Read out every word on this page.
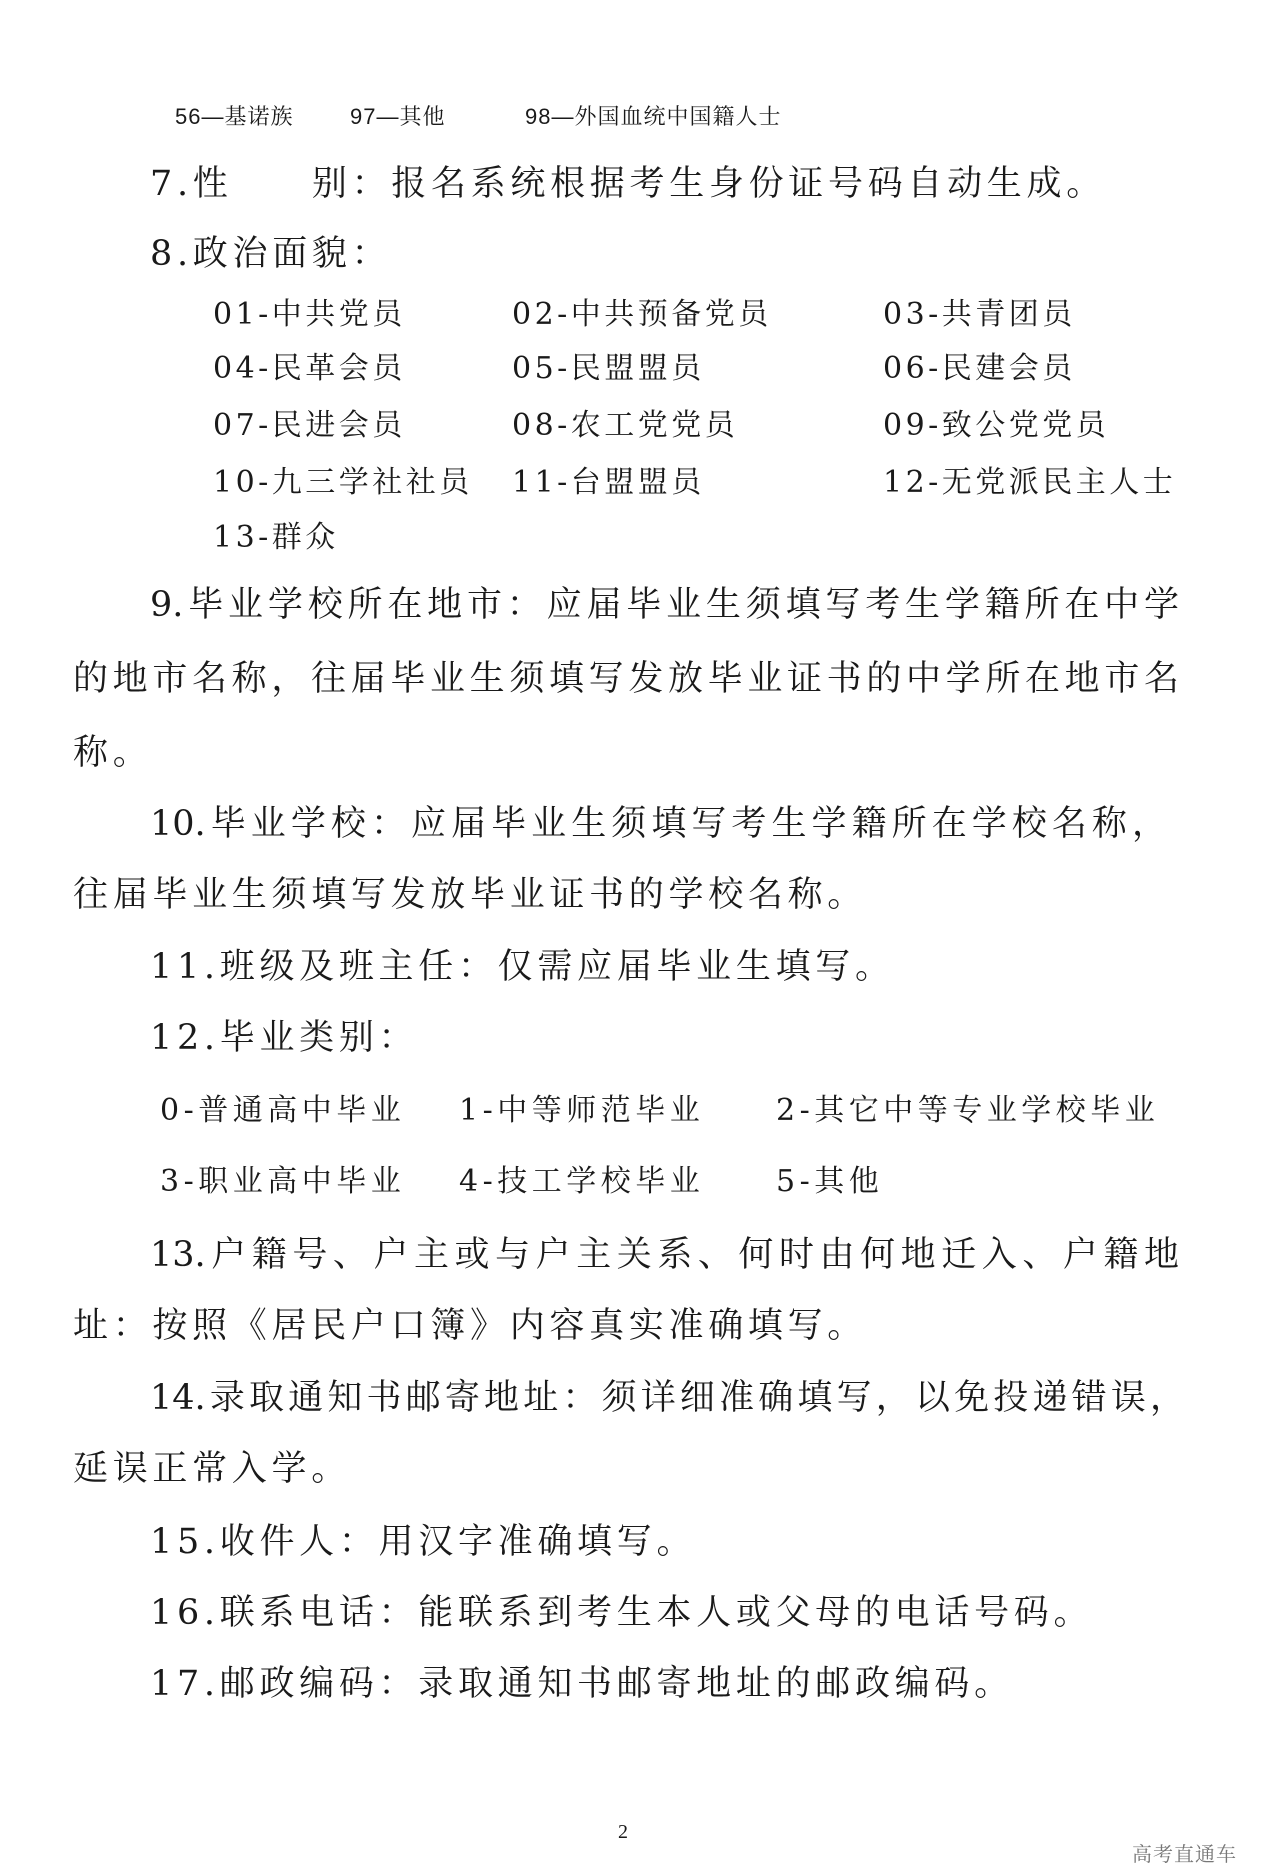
56—基诺族	97—其他	98—外国血统中国籍人士
7.性　　别：报名系统根据考生身份证号码自动生成。
8.政治面貌：
01-中共党员	02-中共预备党员	03-共青团员
04-民革会员	05-民盟盟员	06-民建会员
07-民进会员	08-农工党党员	09-致公党党员
10-九三学社社员 11-台盟盟员	12-无党派民主人士
13-群众
9.毕业学校所在地市：应届毕业生须填写考生学籍所在中学
的地市名称，往届毕业生须填写发放毕业证书的中学所在地市名
称。
10.毕业学校：应届毕业生须填写考生学籍所在学校名称，
往届毕业生须填写发放毕业证书的学校名称。
11.班级及班主任：仅需应届毕业生填写。
12.毕业类别：
0-普通高中毕业 1-中等师范毕业 2-其它中等专业学校毕业
3-职业高中毕业 4-技工学校毕业 5-其他
13.户籍号、户主或与户主关系、何时由何地迁入、户籍地
址：按照《居民户口簿》内容真实准确填写。
14.录取通知书邮寄地址：须详细准确填写，以免投递错误，
延误正常入学。
15.收件人：用汉字准确填写。
16.联系电话：能联系到考生本人或父母的电话号码。
17.邮政编码：录取通知书邮寄地址的邮政编码。
2
高考直通车
